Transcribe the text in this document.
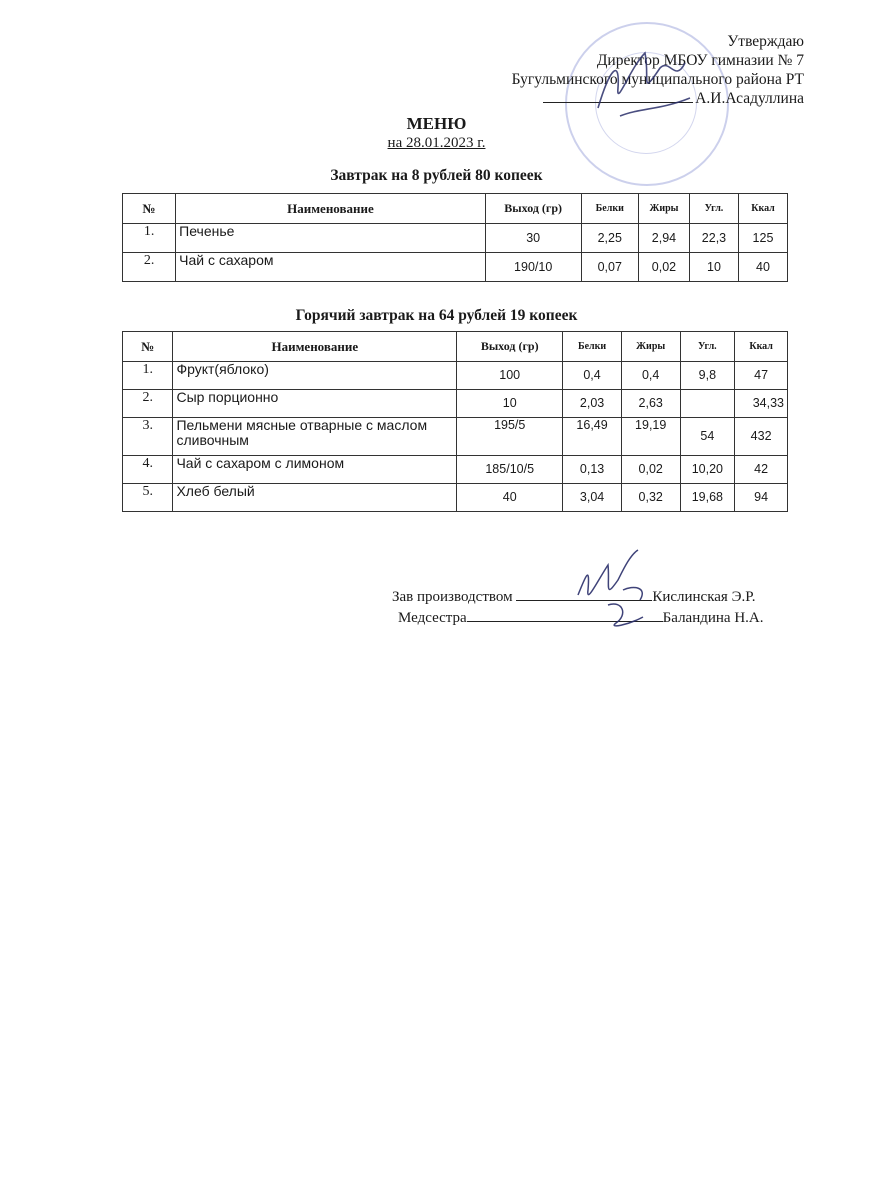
Утверждаю
Директор МБОУ гимназии № 7
Бугульминского муниципального района РТ
А.И.Асадуллина
МЕНЮ
на 28.01.2023 г.
Завтрак на 8 рублей 80 копеек
№	Наименование	Выход (гр)	Белки	Жиры	Угл.	Ккал
1.	Печенье	30	2,25	2,94	22,3	125
2.	Чай с сахаром	190/10	0,07	0,02	10	40
Горячий завтрак на 64 рублей 19 копеек
№	Наименование	Выход (гр)	Белки	Жиры	Угл.	Ккал
1.	Фрукт(яблоко)	100	0,4	0,4	9,8	47
2.	Сыр порционно	10	2,03	2,63		34,33
3.	Пельмени мясные отварные с маслом сливочным	195/5	16,49	19,19	54	432
4.	Чай с сахаром с лимоном	185/10/5	0,13	0,02	10,20	42
5.	Хлеб белый	40	3,04	0,32	19,68	94
Зав производством	Кислинская Э.Р.
Медсестра	Баландина Н.А.
